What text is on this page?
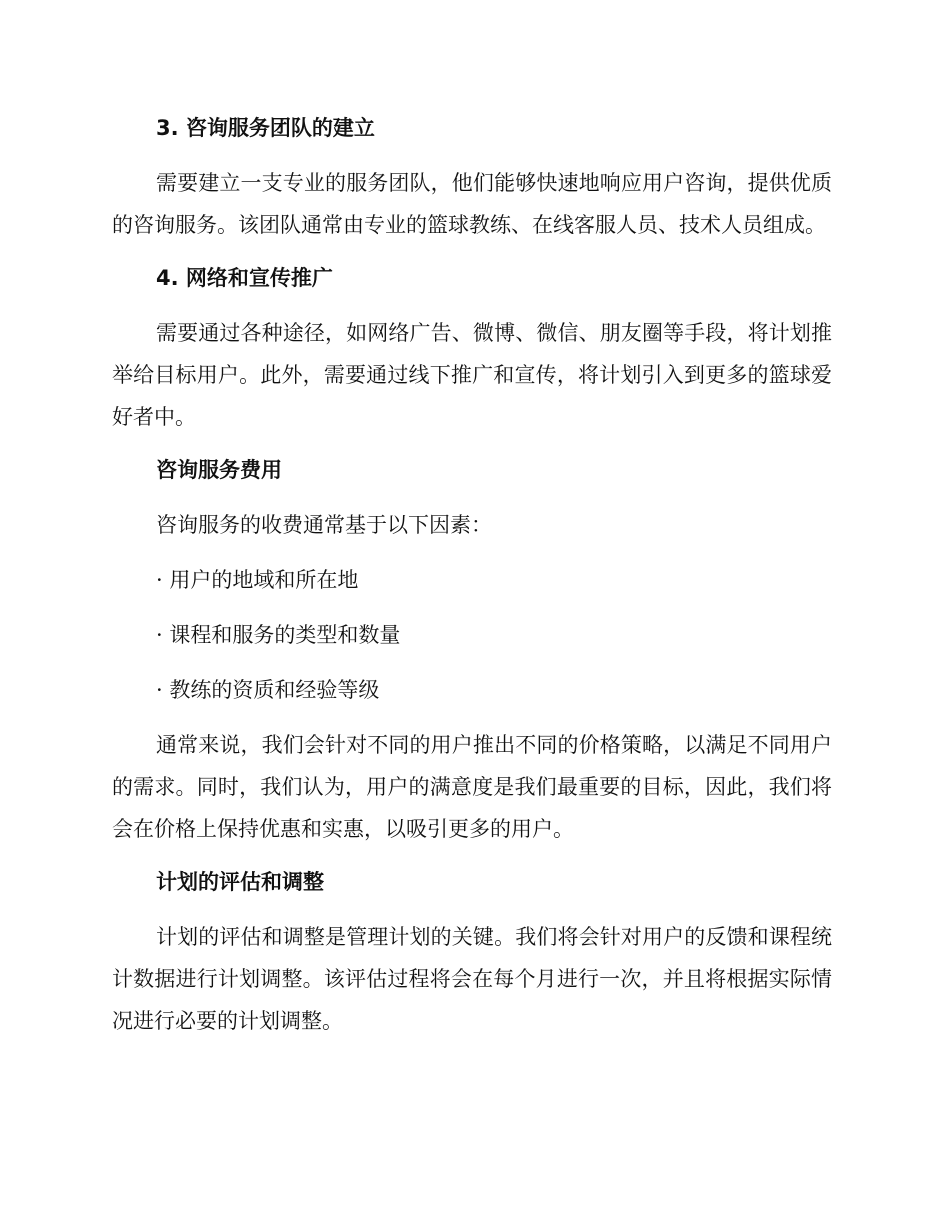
3. 咨询服务团队的建立

需要建立一支专业的服务团队，他们能够快速地响应用户咨询，提供优质的咨询服务。该团队通常由专业的篮球教练、在线客服人员、技术人员组成。

4. 网络和宣传推广

需要通过各种途径，如网络广告、微博、微信、朋友圈等手段，将计划推举给目标用户。此外，需要通过线下推广和宣传，将计划引入到更多的篮球爱好者中。

咨询服务费用

咨询服务的收费通常基于以下因素：

· 用户的地域和所在地

· 课程和服务的类型和数量

· 教练的资质和经验等级

通常来说，我们会针对不同的用户推出不同的价格策略，以满足不同用户的需求。同时，我们认为，用户的满意度是我们最重要的目标，因此，我们将会在价格上保持优惠和实惠，以吸引更多的用户。

计划的评估和调整

计划的评估和调整是管理计划的关键。我们将会针对用户的反馈和课程统计数据进行计划调整。该评估过程将会在每个月进行一次，并且将根据实际情况进行必要的计划调整。
